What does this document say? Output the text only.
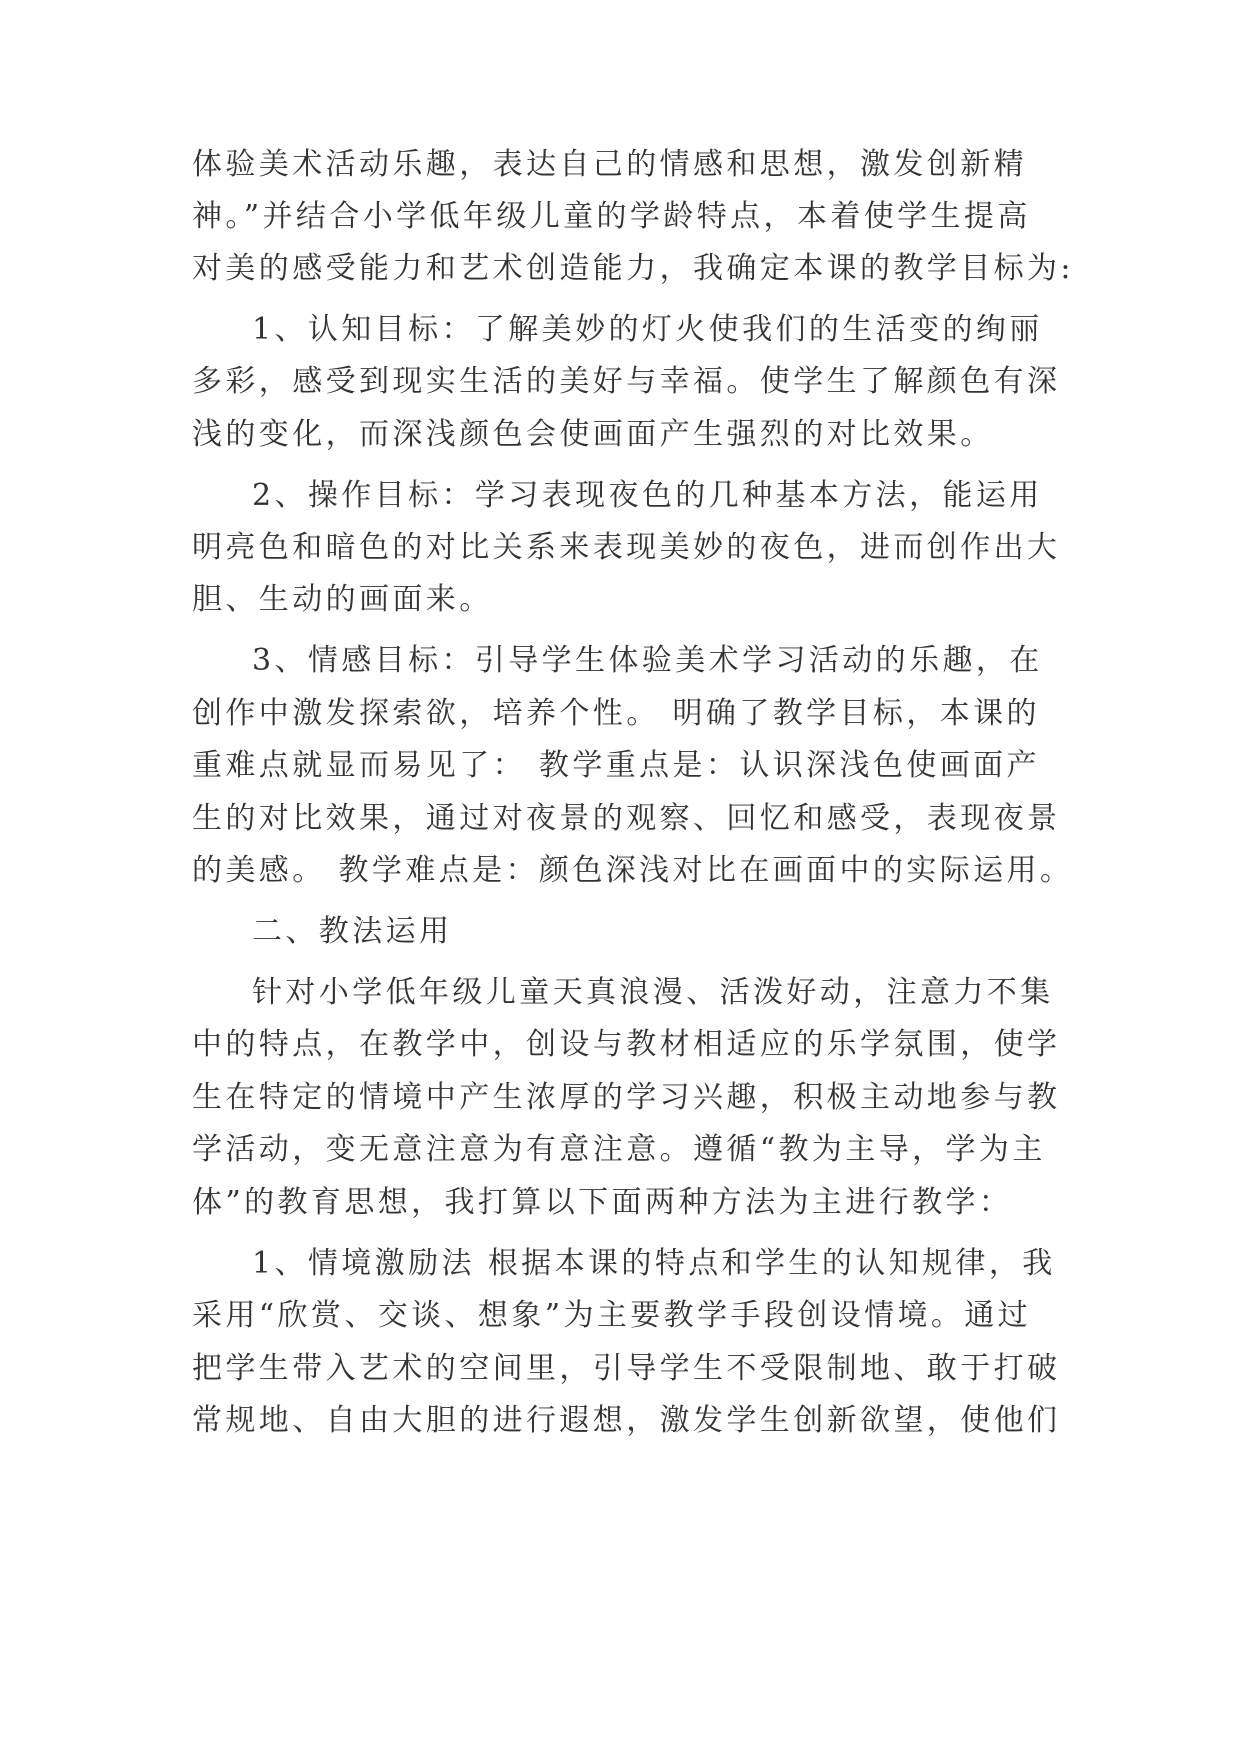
体验美术活动乐趣，表达自己的情感和思想，激发创新精
神。”并结合小学低年级儿童的学龄特点，本着使学生提高
对美的感受能力和艺术创造能力，我确定本课的教学目标为:
1、认知目标：了解美妙的灯火使我们的生活变的绚丽
多彩，感受到现实生活的美好与幸福。使学生了解颜色有深
浅的变化，而深浅颜色会使画面产生强烈的对比效果。
2、操作目标：学习表现夜色的几种基本方法，能运用
明亮色和暗色的对比关系来表现美妙的夜色，进而创作出大
胆、生动的画面来。
3、情感目标：引导学生体验美术学习活动的乐趣，在
创作中激发探索欲，培养个性。 明确了教学目标，本课的
重难点就显而易见了： 教学重点是：认识深浅色使画面产
生的对比效果，通过对夜景的观察、回忆和感受，表现夜景
的美感。 教学难点是：颜色深浅对比在画面中的实际运用。
二、教法运用
针对小学低年级儿童天真浪漫、活泼好动，注意力不集
中的特点，在教学中，创设与教材相适应的乐学氛围，使学
生在特定的情境中产生浓厚的学习兴趣，积极主动地参与教
学活动，变无意注意为有意注意。遵循“教为主导，学为主
体”的教育思想，我打算以下面两种方法为主进行教学：
1、情境激励法 根据本课的特点和学生的认知规律，我
采用“欣赏、交谈、想象”为主要教学手段创设情境。通过
把学生带入艺术的空间里，引导学生不受限制地、敢于打破
常规地、自由大胆的进行遐想，激发学生创新欲望，使他们
